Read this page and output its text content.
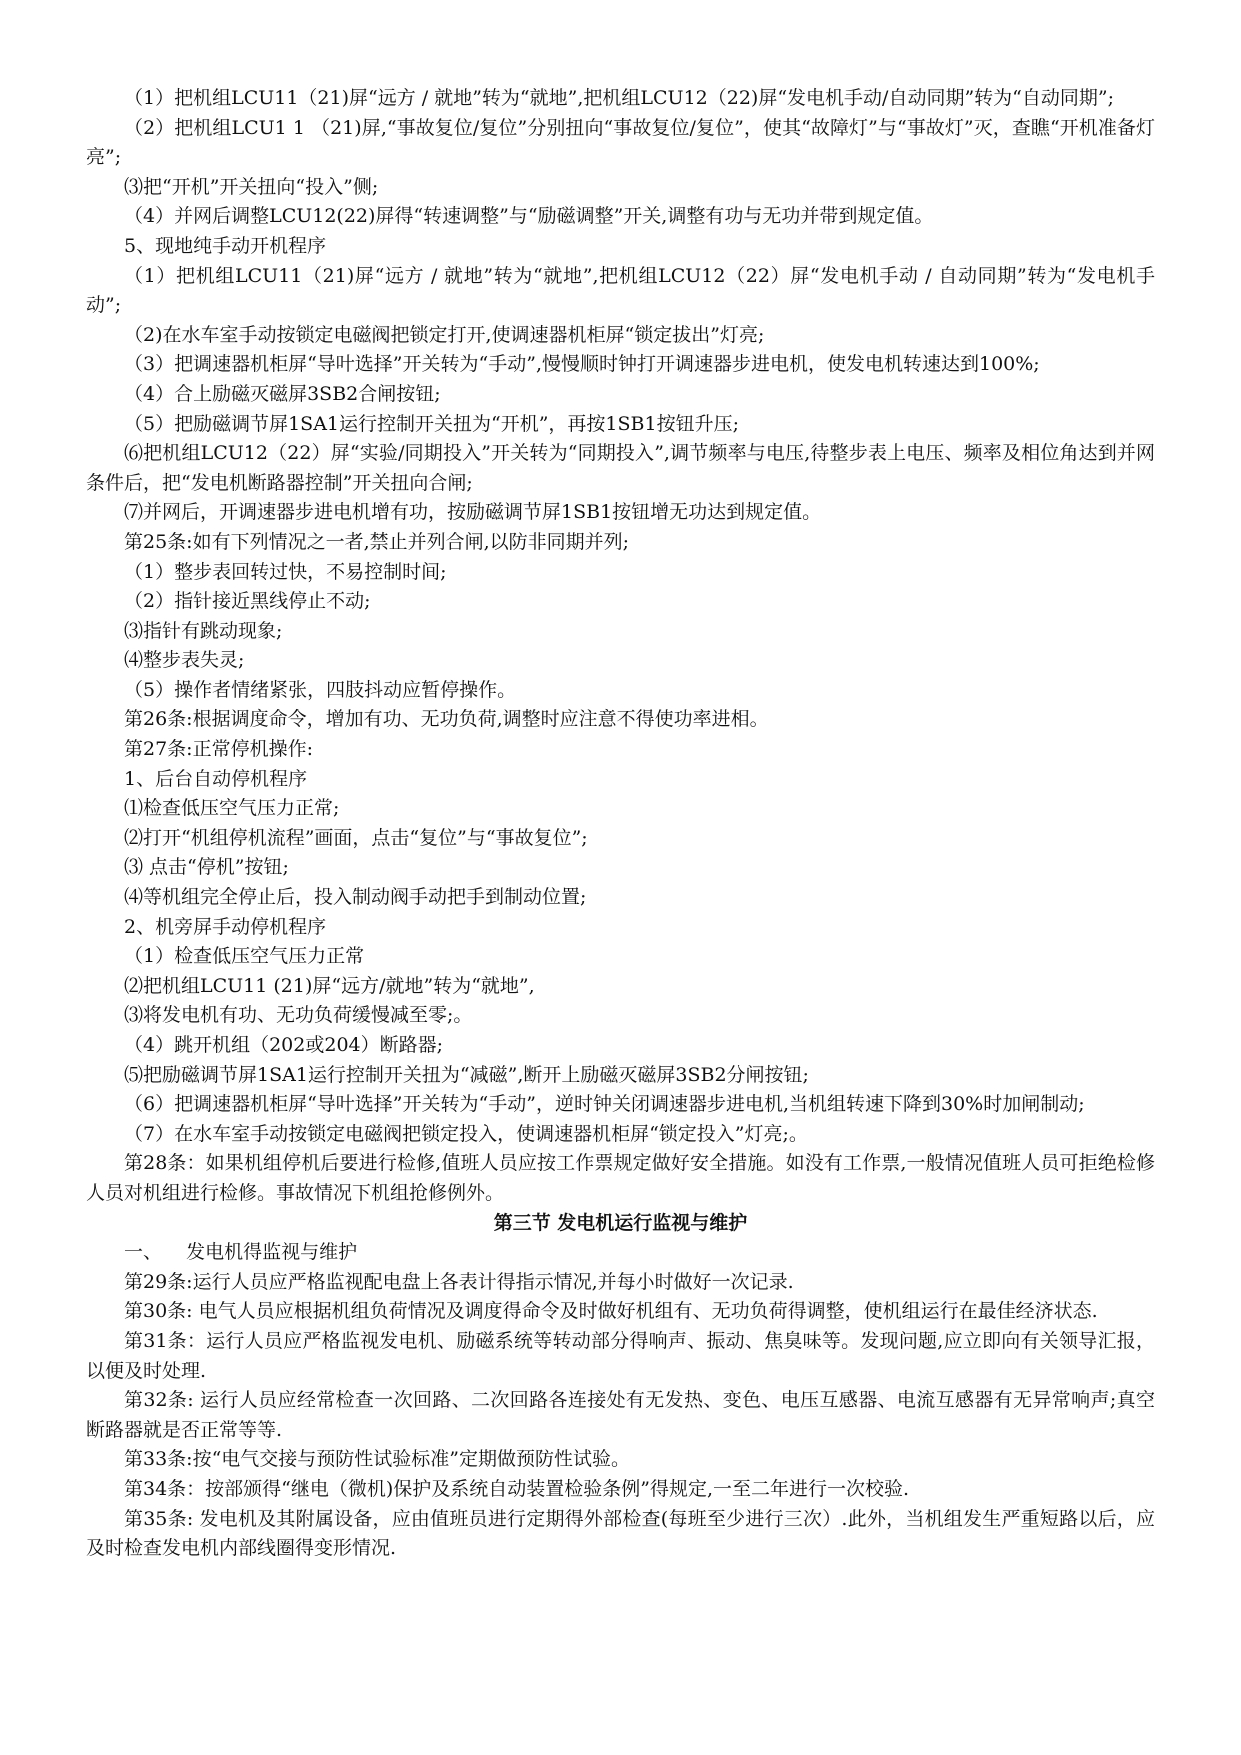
（1）把机组LCU11（21)屏“远方 / 就地”转为“就地”,把机组LCU12（22)屏“发电机手动/自动同期”转为“自动同期”;

（2）把机组LCU1 1 （21)屏,“事故复位/复位”分别扭向“事故复位/复位”，使其“故障灯”与“事故灯”灭，查瞧“开机准备灯亮”;

⑶把“开机”开关扭向“投入”侧;

（4）并网后调整LCU12(22)屏得“转速调整”与“励磁调整”开关,调整有功与无功并带到规定值。

5、现地纯手动开机程序

（1）把机组LCU11（21)屏“远方 / 就地”转为“就地”,把机组LCU12（22）屏“发电机手动 / 自动同期”转为“发电机手动”;

（2)在水车室手动按锁定电磁阀把锁定打开,使调速器机柜屏“锁定拔出”灯亮;

（3）把调速器机柜屏“导叶选择”开关转为“手动”,慢慢顺时钟打开调速器步进电机，使发电机转速达到100%;

（4）合上励磁灭磁屏3SB2合闸按钮;

（5）把励磁调节屏1SA1运行控制开关扭为“开机”，再按1SB1按钮升压;

⑹把机组LCU12（22）屏“实验/同期投入”开关转为“同期投入”,调节频率与电压,待整步表上电压、频率及相位角达到并网条件后，把“发电机断路器控制”开关扭向合闸;

⑺并网后，开调速器步进电机增有功，按励磁调节屏1SB1按钮增无功达到规定值。

第25条:如有下列情况之一者,禁止并列合闸,以防非同期并列;

（1）整步表回转过快，不易控制时间;

（2）指针接近黑线停止不动;

⑶指针有跳动现象;

⑷整步表失灵;

（5）操作者情绪紧张，四肢抖动应暂停操作。

第26条:根据调度命令，增加有功、无功负荷,调整时应注意不得使功率进相。

第27条:正常停机操作:

1、后台自动停机程序

⑴检查低压空气压力正常;

⑵打开“机组停机流程”画面，点击“复位”与“事故复位”;

⑶ 点击“停机”按钮;

⑷等机组完全停止后，投入制动阀手动把手到制动位置;

2、机旁屏手动停机程序

（1）检查低压空气压力正常

⑵把机组LCU11 (21)屏“远方/就地”转为“就地”,

⑶将发电机有功、无功负荷缓慢减至零;。

（4）跳开机组（202或204）断路器;

⑸把励磁调节屏1SA1运行控制开关扭为“减磁”,断开上励磁灭磁屏3SB2分闸按钮;

（6）把调速器机柜屏“导叶选择”开关转为“手动”，逆时钟关闭调速器步进电机,当机组转速下降到30%时加闸制动;

（7）在水车室手动按锁定电磁阀把锁定投入，使调速器机柜屏“锁定投入”灯亮;。

第28条：如果机组停机后要进行检修,值班人员应按工作票规定做好安全措施。如没有工作票,一般情况值班人员可拒绝检修人员对机组进行检修。事故情况下机组抢修例外。

第三节 发电机运行监视与维护

一、    发电机得监视与维护

第29条:运行人员应严格监视配电盘上各表计得指示情况,并每小时做好一次记录.

第30条: 电气人员应根据机组负荷情况及调度得命令及时做好机组有、无功负荷得调整，使机组运行在最佳经济状态.

第31条：运行人员应严格监视发电机、励磁系统等转动部分得响声、振动、焦臭味等。发现问题,应立即向有关领导汇报，以便及时处理.

第32条: 运行人员应经常检查一次回路、二次回路各连接处有无发热、变色、电压互感器、电流互感器有无异常响声;真空断路器就是否正常等等.

第33条:按“电气交接与预防性试验标准”定期做预防性试验。

第34条：按部颁得“继电（微机)保护及系统自动装置检验条例”得规定,一至二年进行一次校验.

第35条: 发电机及其附属设备，应由值班员进行定期得外部检查(每班至少进行三次）.此外，当机组发生严重短路以后，应及时检查发电机内部线圈得变形情况.
